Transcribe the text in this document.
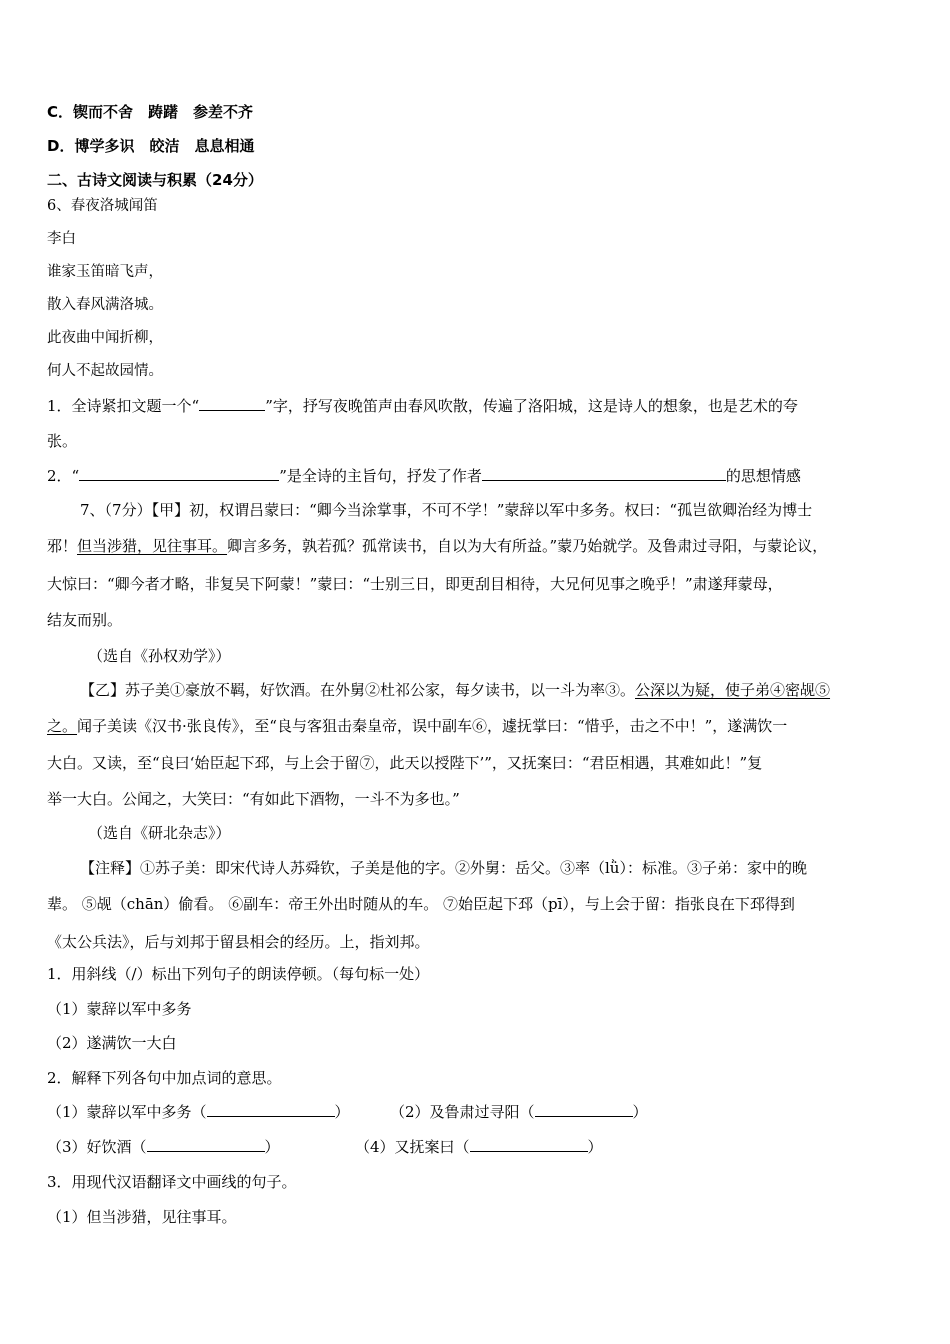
C．锲而不舍　踌躇　参差不齐
D．博学多识　皎洁　息息相通
二、古诗文阅读与积累（24分）
6、春夜洛城闻笛
李白
谁家玉笛暗飞声，
散入春风满洛城。
此夜曲中闻折柳，
何人不起故园情。
1．全诗紧扣文题一个“	”字，抒写夜晚笛声由春风吹散，传遍了洛阳城，这是诗人的想象，也是艺术的夸
张。
2．“	”是全诗的主旨句，抒发了作者	的思想情感
7、（7分）【甲】初，权谓吕蒙曰：“卿今当涂掌事，不可不学！”蒙辞以军中多务。权曰：“孤岂欲卿治经为博士
邪！但当涉猎，见往事耳。卿言多务，孰若孤？孤常读书，自以为大有所益。”蒙乃始就学。及鲁肃过寻阳，与蒙论议，
大惊曰：“卿今者才略，非复吴下阿蒙！”蒙曰：“士别三日，即更刮目相待，大兄何见事之晚乎！”肃遂拜蒙母，
结友而别。
（选自《孙权劝学》）
【乙】苏子美①豪放不羁，好饮酒。在外舅②杜祁公家，每夕读书，以一斗为率③。公深以为疑，使子弟④密觇⑤
之。闻子美读《汉书·张良传》，至“良与客狙击秦皇帝，误中副车⑥，遽抚掌曰：“惜乎，击之不中！”，遂满饮一
大白。又读，至“良曰‘始臣起下邳，与上会于留⑦，此天以授陛下’”，又抚案曰：“君臣相遇，其难如此！”复
举一大白。公闻之，大笑曰：“有如此下酒物，一斗不为多也。”
（选自《研北杂志》）
【注释】①苏子美：即宋代诗人苏舜钦，子美是他的字。②外舅：岳父。③率（lǜ）：标准。③子弟：家中的晚
辈。 ⑤觇（chān）偷看。 ⑥副车：帝王外出时随从的车。 ⑦始臣起下邳（pī），与上会于留：指张良在下邳得到
《太公兵法》，后与刘邦于留县相会的经历。上，指刘邦。
1．用斜线（/）标出下列句子的朗读停顿。（每句标一处）
（1）蒙辞以军中多务
（2）遂满饮一大白
2．解释下列各句中加点词的意思。
（1）蒙辞以军中多务（	）	（2）及鲁肃过寻阳（	）
（3）好饮酒（	）	（4）又抚案曰（	）
3．用现代汉语翻译文中画线的句子。
（1）但当涉猎，见往事耳。
